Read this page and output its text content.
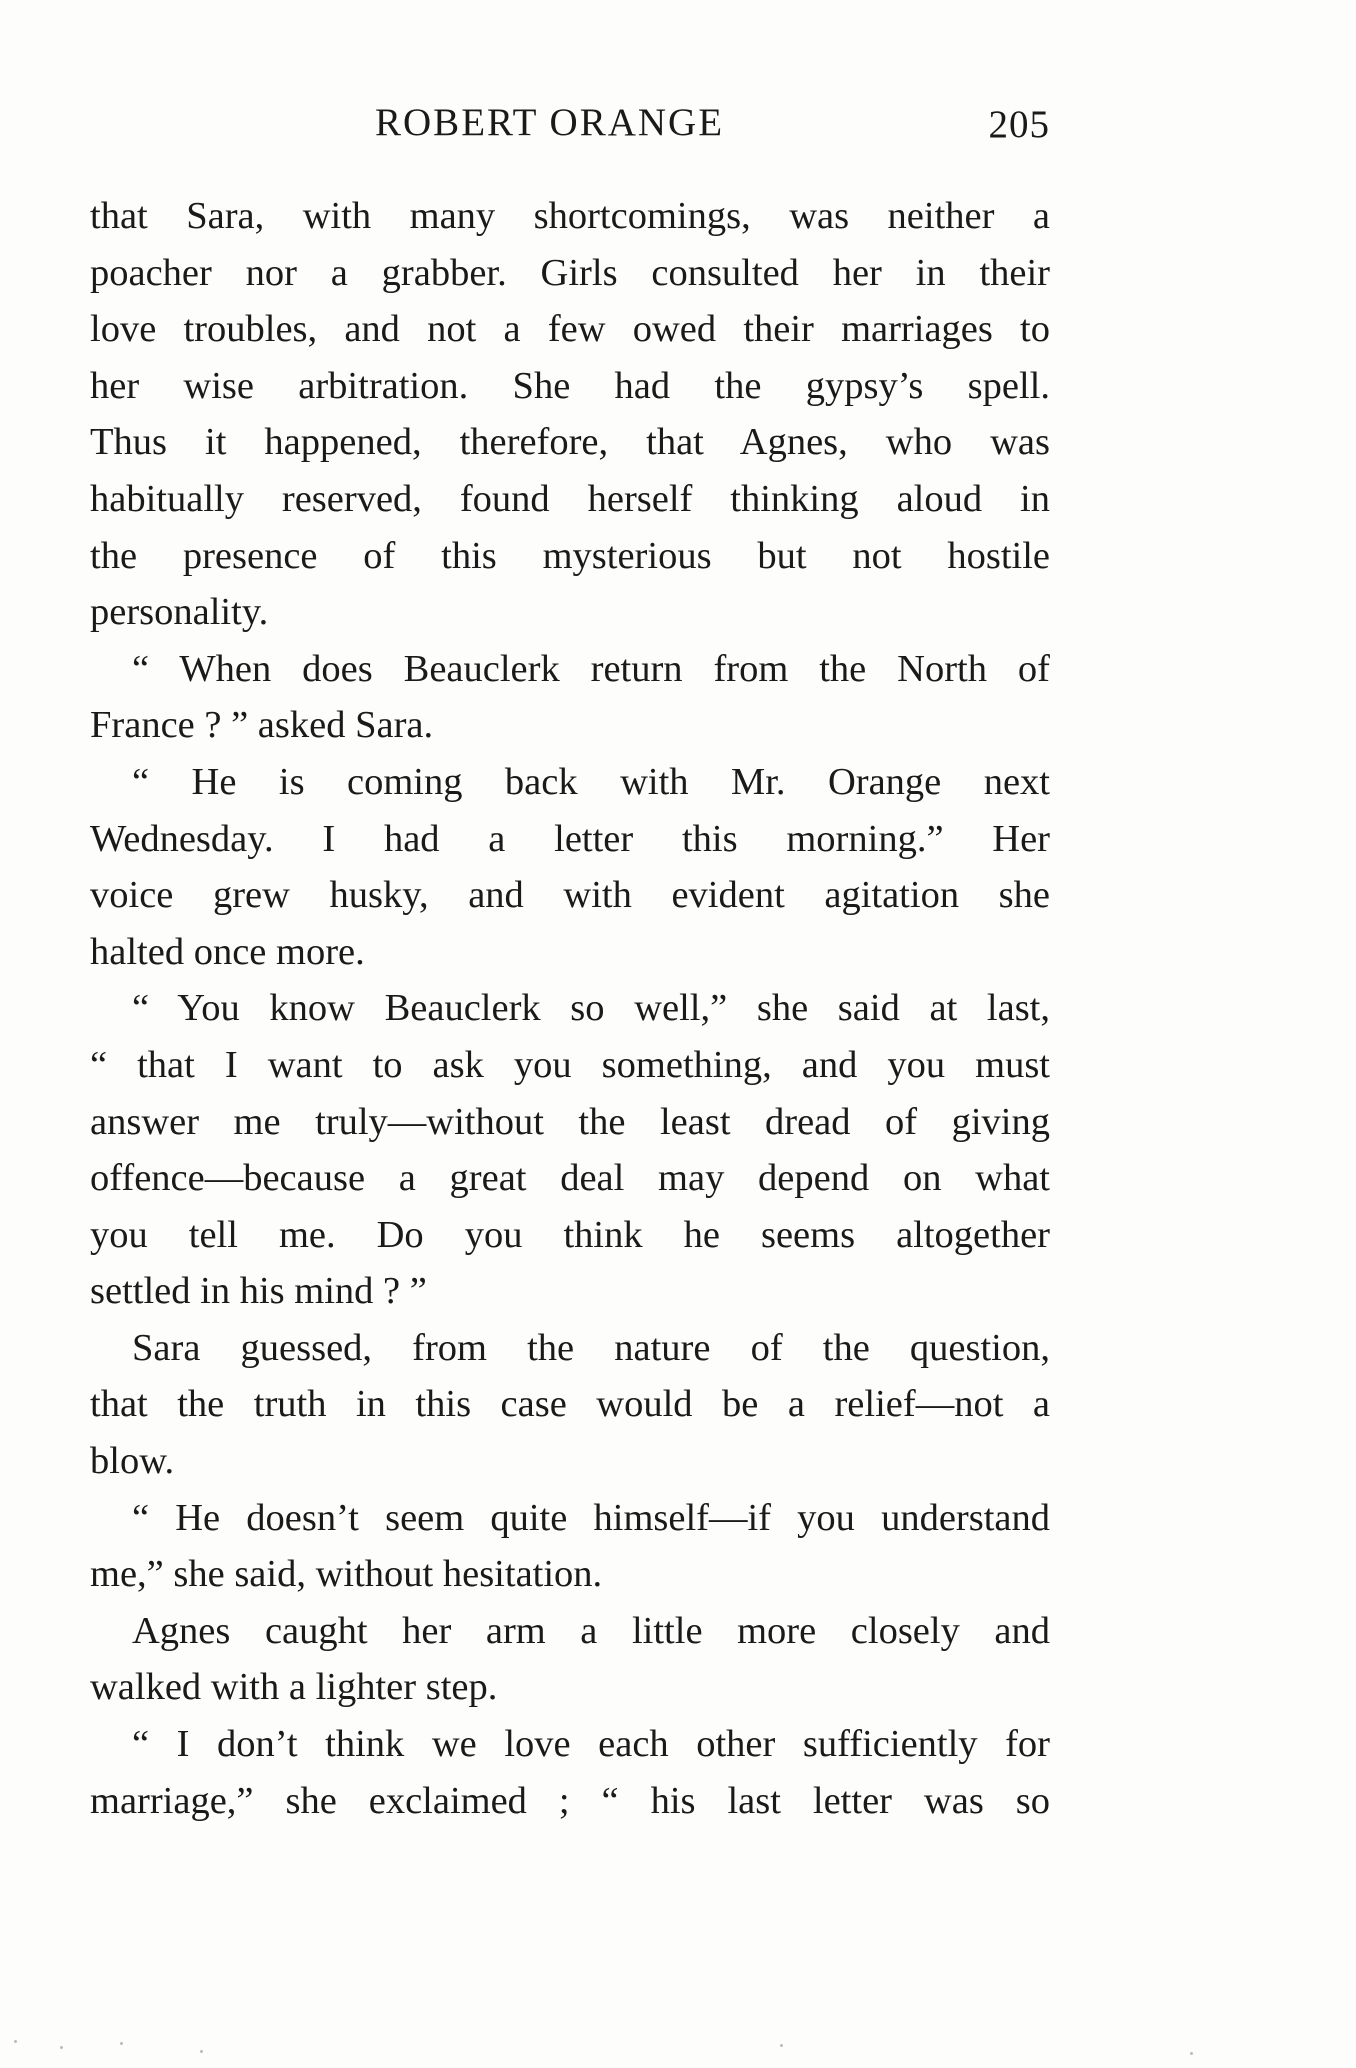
ROBERT ORANGE	205
that Sara, with many shortcomings, was neither a
poacher nor a grabber. Girls consulted her in their
love troubles, and not a few owed their marriages to
her wise arbitration. She had the gypsy’s spell.
Thus it happened, therefore, that Agnes, who was
habitually reserved, found herself thinking aloud in
the presence of this mysterious but not hostile
personality.
“ When does Beauclerk return from the North of
France ? ” asked Sara.
“ He is coming back with Mr. Orange next
Wednesday. I had a letter this morning.” Her
voice grew husky, and with evident agitation she
halted once more.
“ You know Beauclerk so well,” she said at last,
“ that I want to ask you something, and you must
answer me truly—without the least dread of giving
offence—because a great deal may depend on what
you tell me. Do you think he seems altogether
settled in his mind ? ”
Sara guessed, from the nature of the question,
that the truth in this case would be a relief—not a
blow.
“ He doesn’t seem quite himself—if you understand
me,” she said, without hesitation.
Agnes caught her arm a little more closely and
walked with a lighter step.
“ I don’t think we love each other sufficiently for
marriage,” she exclaimed ; “ his last letter was so
